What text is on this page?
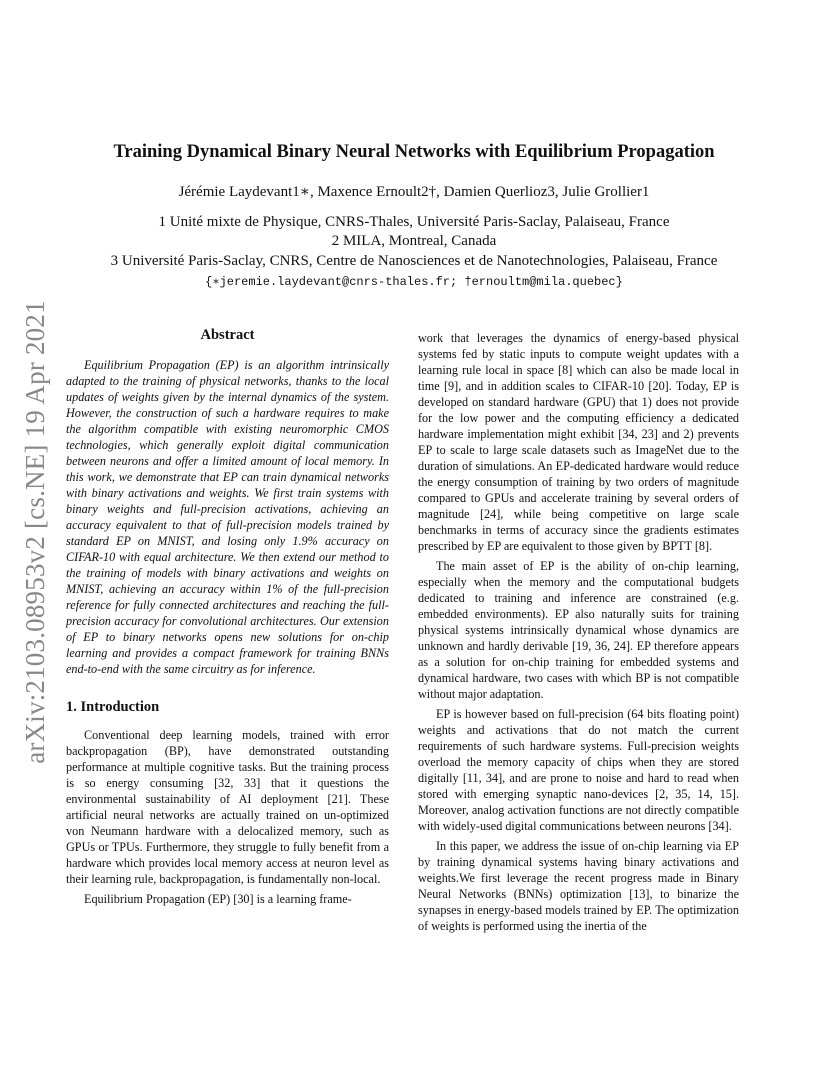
arXiv:2103.08953v2 [cs.NE] 19 Apr 2021
Training Dynamical Binary Neural Networks with Equilibrium Propagation
Jérémie Laydevant1∗, Maxence Ernoult2†, Damien Querlioz3, Julie Grollier1
1 Unité mixte de Physique, CNRS-Thales, Université Paris-Saclay, Palaiseau, France
2 MILA, Montreal, Canada
3 Université Paris-Saclay, CNRS, Centre de Nanosciences et de Nanotechnologies, Palaiseau, France
{∗jeremie.laydevant@cnrs-thales.fr; †ernoultm@mila.quebec}
Abstract

Equilibrium Propagation (EP) is an algorithm intrinsically adapted to the training of physical networks, thanks to the local updates of weights given by the internal dynamics of the system. However, the construction of such a hardware requires to make the algorithm compatible with existing neuromorphic CMOS technologies, which generally exploit digital communication between neurons and offer a limited amount of local memory. In this work, we demonstrate that EP can train dynamical networks with binary activations and weights. We first train systems with binary weights and full-precision activations, achieving an accuracy equivalent to that of full-precision models trained by standard EP on MNIST, and losing only 1.9% accuracy on CIFAR-10 with equal architecture. We then extend our method to the training of models with binary activations and weights on MNIST, achieving an accuracy within 1% of the full-precision reference for fully connected architectures and reaching the full-precision accuracy for convolutional architectures. Our extension of EP to binary networks opens new solutions for on-chip learning and provides a compact framework for training BNNs end-to-end with the same circuitry as for inference.

1. Introduction

Conventional deep learning models, trained with error backpropagation (BP), have demonstrated outstanding performance at multiple cognitive tasks. But the training process is so energy consuming [32, 33] that it questions the environmental sustainability of AI deployment [21]. These artificial neural networks are actually trained on un-optimized von Neumann hardware with a delocalized memory, such as GPUs or TPUs. Furthermore, they struggle to fully benefit from a hardware which provides local memory access at neuron level as their learning rule, backpropagation, is fundamentally non-local.

Equilibrium Propagation (EP) [30] is a learning frame-

work that leverages the dynamics of energy-based physical systems fed by static inputs to compute weight updates with a learning rule local in space [8] which can also be made local in time [9], and in addition scales to CIFAR-10 [20]. Today, EP is developed on standard hardware (GPU) that 1) does not provide for the low power and the computing efficiency a dedicated hardware implementation might exhibit [34, 23] and 2) prevents EP to scale to large scale datasets such as ImageNet due to the duration of simulations. An EP-dedicated hardware would reduce the energy consumption of training by two orders of magnitude compared to GPUs and accelerate training by several orders of magnitude [24], while being competitive on large scale benchmarks in terms of accuracy since the gradients estimates prescribed by EP are equivalent to those given by BPTT [8].

The main asset of EP is the ability of on-chip learning, especially when the memory and the computational budgets dedicated to training and inference are constrained (e.g. embedded environments). EP also naturally suits for training physical systems intrinsically dynamical whose dynamics are unknown and hardly derivable [19, 36, 24]. EP therefore appears as a solution for on-chip training for embedded systems and dynamical hardware, two cases with which BP is not compatible without major adaptation.

EP is however based on full-precision (64 bits floating point) weights and activations that do not match the current requirements of such hardware systems. Full-precision weights overload the memory capacity of chips when they are stored digitally [11, 34], and are prone to noise and hard to read when stored with emerging synaptic nano-devices [2, 35, 14, 15]. Moreover, analog activation functions are not directly compatible with widely-used digital communications between neurons [34].

In this paper, we address the issue of on-chip learning via EP by training dynamical systems having binary activations and weights.We first leverage the recent progress made in Binary Neural Networks (BNNs) optimization [13], to binarize the synapses in energy-based models trained by EP. The optimization of weights is performed using the inertia of the
